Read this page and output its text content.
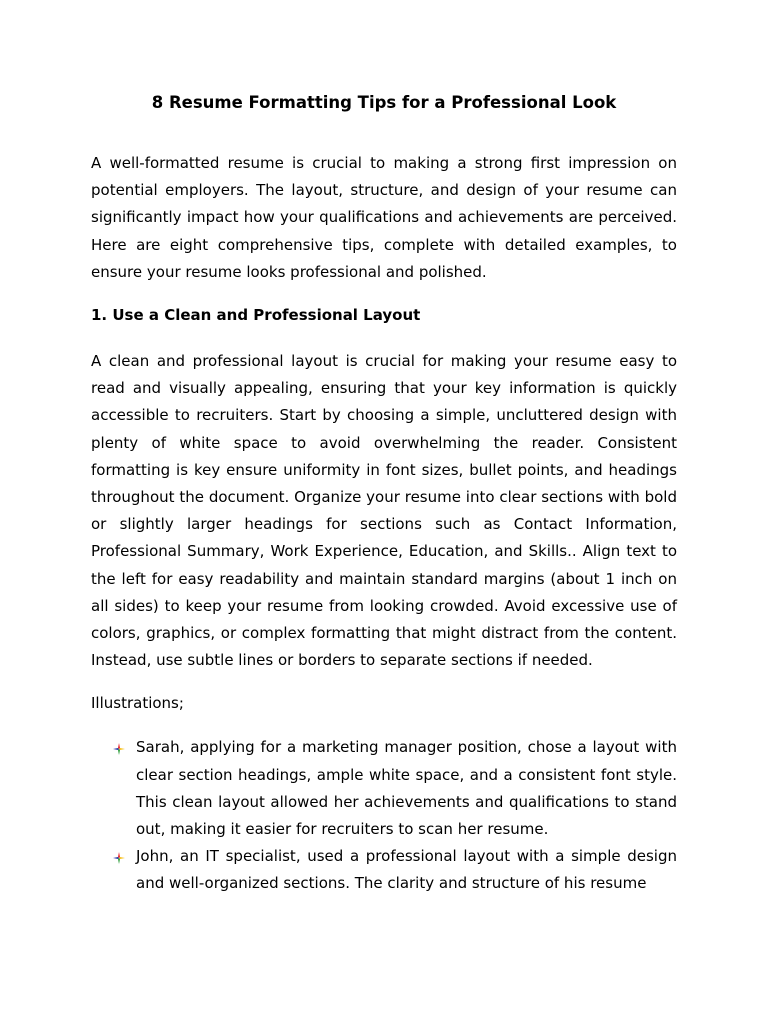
8 Resume Formatting Tips for a Professional Look

A well-formatted resume is crucial to making a strong first impression on potential employers. The layout, structure, and design of your resume can significantly impact how your qualifications and achievements are perceived. Here are eight comprehensive tips, complete with detailed examples, to ensure your resume looks professional and polished.

1. Use a Clean and Professional Layout

A clean and professional layout is crucial for making your resume easy to read and visually appealing, ensuring that your key information is quickly accessible to recruiters. Start by choosing a simple, uncluttered design with plenty of white space to avoid overwhelming the reader. Consistent formatting is key ensure uniformity in font sizes, bullet points, and headings throughout the document. Organize your resume into clear sections with bold or slightly larger headings for sections such as Contact Information, Professional Summary, Work Experience, Education, and Skills.. Align text to the left for easy readability and maintain standard margins (about 1 inch on all sides) to keep your resume from looking crowded. Avoid excessive use of colors, graphics, or complex formatting that might distract from the content. Instead, use subtle lines or borders to separate sections if needed.

Illustrations;

Sarah, applying for a marketing manager position, chose a layout with clear section headings, ample white space, and a consistent font style. This clean layout allowed her achievements and qualifications to stand out, making it easier for recruiters to scan her resume.
John, an IT specialist, used a professional layout with a simple design and well-organized sections. The clarity and structure of his resume
